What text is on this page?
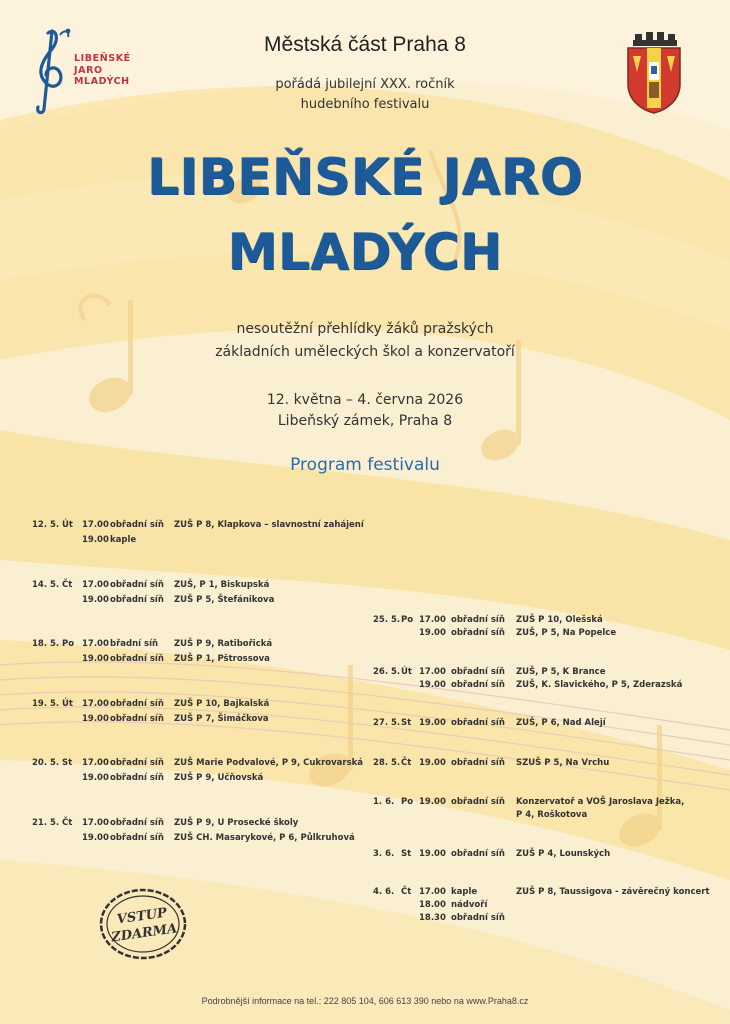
LIBEŇSKÉ
JARO
MLADÝCH
Městská část Praha 8
pořádá jubilejní XXX. ročník
hudebního festivalu
LIBEŇSKÉ JARO
MLADÝCH
nesoutěžní přehlídky žáků pražských
základních uměleckých škol a konzervatoří
12. května – 4. června 2026
Libeňský zámek, Praha 8
Program festivalu
12. 5. Út 17.00 obřadní síň ZUŠ P 8, Klapkova – slavnostní zahájení
19.00 kaple
14. 5. Čt 17.00 obřadní síň ZUŠ, P 1, Biskupská
19.00 obřadní síň ZUŠ P 5, Štefánikova
18. 5. Po 17.00 břadní síň ZUŠ P 9, Ratibořická
19.00 obřadní síň ZUŠ P 1, Pštrossova
19. 5. Út 17.00 obřadní síň ZUŠ P 10, Bajkalská
19.00 obřadní síň ZUŠ P 7, Šimáčkova
20. 5. St 17.00 obřadní síň ZUŠ Marie Podvalové, P 9, Cukrovarská
19.00 obřadní síň ZUŠ P 9, Učňovská
21. 5. Čt 17.00 obřadní síň ZUŠ P 9, U Prosecké školy
19.00 obřadní síň ZUŠ CH. Masarykové, P 6, Půlkruhová
25. 5. Po 17.00 obřadní síň ZUŠ P 10, Olešská
19.00 obřadní síň ZUŠ, P 5, Na Popelce
26. 5. Út 17.00 obřadní síň ZUŠ, P 5, K Brance
19.00 obřadní síň ZUŠ, K. Slavického, P 5, Zderazská
27. 5. St 19.00 obřadní síň ZUŠ, P 6, Nad Alejí
28. 5. Čt 19.00 obřadní síň SZUŠ P 5, Na Vrchu
1. 6. Po 19.00 obřadní síň Konzervatoř a VOŠ Jaroslava Ježka,
P 4, Roškotova
3. 6. St 19.00 obřadní síň ZUŠ P 4, Lounských
4. 6. Čt 17.00 kaple	ZUŠ P 8, Taussigova - závěrečný koncert
18.00 nádvoří
18.30 obřadní síň
VSTUP
ZDARMA
Podrobnější informace na tel.: 222 805 104, 606 613 390 nebo na www.Praha8.cz
